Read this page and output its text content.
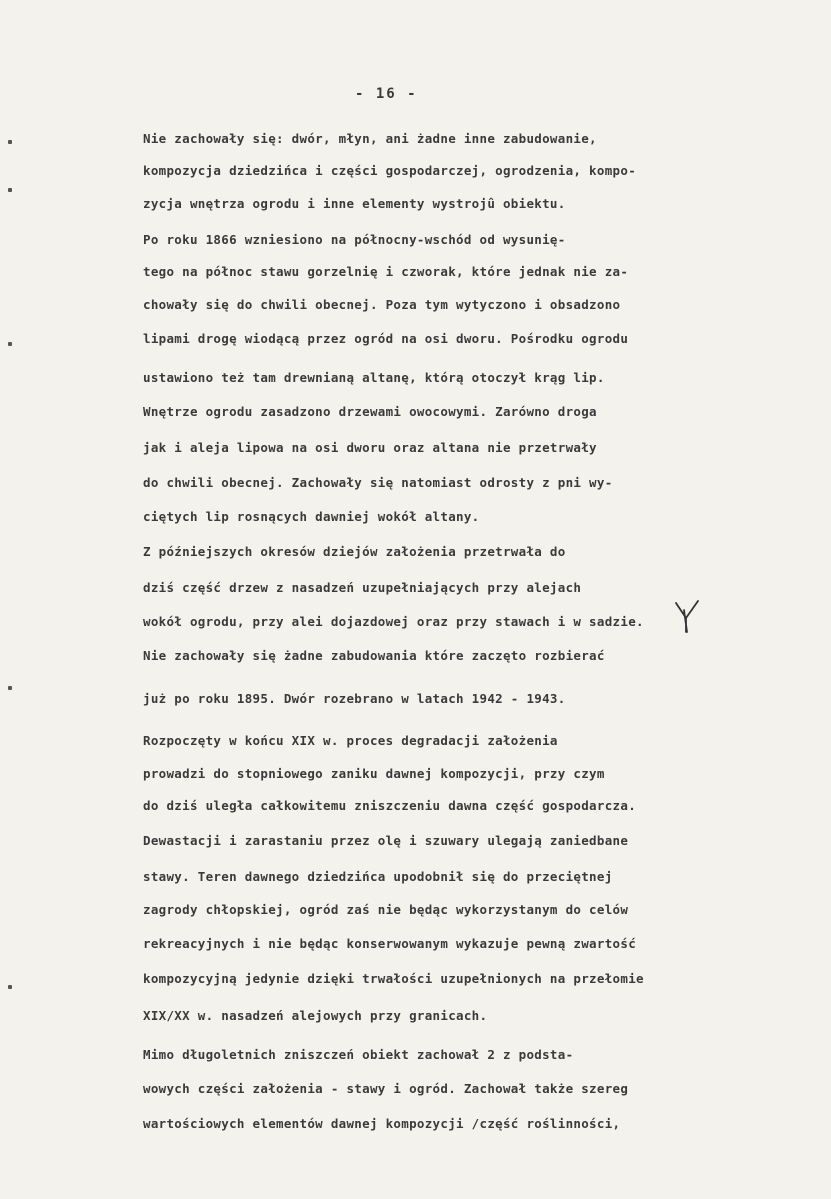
- 16 -
Nie zachowały się: dwór, młyn, ani żadne inne zabudowanie,
kompozycja dziedzińca i części gospodarczej, ogrodzenia, kompo-
zycja wnętrza ogrodu i inne elementy wystrojû obiektu.
Po roku 1866 wzniesiono na północny-wschód od wysunię-
tego na północ stawu gorzelnię i czworak, które jednak nie za-
chowały się do chwili obecnej. Poza tym wytyczono i obsadzono
lipami drogę wiodącą przez ogród na osi dworu. Pośrodku ogrodu
ustawiono też tam drewnianą altanę, którą otoczył krąg lip.
Wnętrze ogrodu zasadzono drzewami owocowymi. Zarówno droga
jak i aleja lipowa na osi dworu oraz altana nie przetrwały
do chwili obecnej. Zachowały się natomiast odrosty z pni wy-
ciętych lip rosnących dawniej wokół altany.
Z późniejszych okresów dziejów założenia przetrwała do
dziś część drzew z nasadzeń uzupełniających przy alejach
wokół ogrodu, przy alei dojazdowej oraz przy stawach i w sadzie.
Nie zachowały się żadne zabudowania które zaczęto rozbierać
już po roku 1895. Dwór rozebrano w latach 1942 - 1943.
Rozpoczęty w końcu XIX w. proces degradacji założenia
prowadzi do stopniowego zaniku dawnej kompozycji, przy czym
do dziś uległa całkowitemu zniszczeniu dawna część gospodarcza.
Dewastacji i zarastaniu przez olę i szuwary ulegają zaniedbane
stawy. Teren dawnego dziedzińca upodobnił się do przeciętnej
zagrody chłopskiej, ogród zaś nie będąc wykorzystanym do celów
rekreacyjnych i nie będąc konserwowanym wykazuje pewną zwartość
kompozycyjną jedynie dzięki trwałości uzupełnionych na przełomie
XIX/XX w. nasadzeń alejowych przy granicach.
Mimo długoletnich zniszczeń obiekt zachował 2 z podsta-
wowych części założenia - stawy i ogród. Zachował także szereg
wartościowych elementów dawnej kompozycji /część roślinności,
